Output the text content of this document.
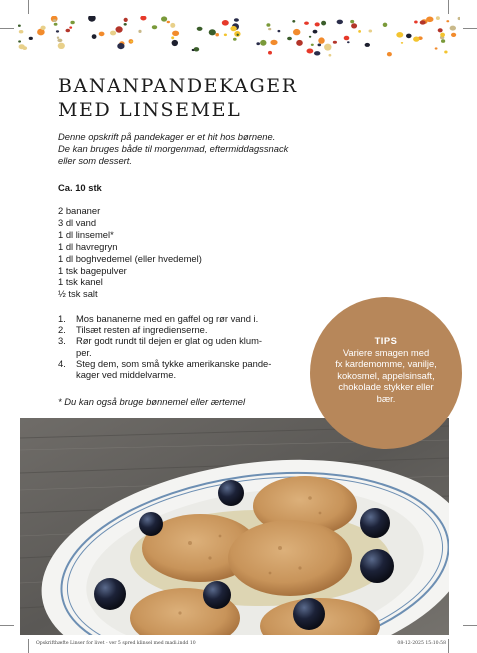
BANANPANDEKAGER
MED LINSEMEL

Denne opskrift på pandekager er et hit hos børnene.
De kan bruges både til morgenmad, eftermiddagssnack
eller som dessert.

Ca. 10 stk
2 bananer
3 dl vand
1 dl linsemel*
1 dl havregryn
1 dl boghvedemel (eller hvedemel)
1 tsk bagepulver
1 tsk kanel
½ tsk salt
1.	Mos bananerne med en gaffel og rør vand i.
2.	Tilsæt resten af ingredienserne.
3.	Rør godt rundt til dejen er glat og uden klum-
per.
4.	Steg dem, som små tykke amerikanske pande-
kager ved middelvarme.
* Du kan også bruge bønnemel eller ærtemel
TIPS
Variere smagen med
fx kardemomme, vanilje,
kokosmel, appelsinsaft,
chokolade stykker eller
bær.
Opskrifthæfte Linser for livet - ver 5 spred klinsel med madi.indd 10	08-12-2025 15:10:58
